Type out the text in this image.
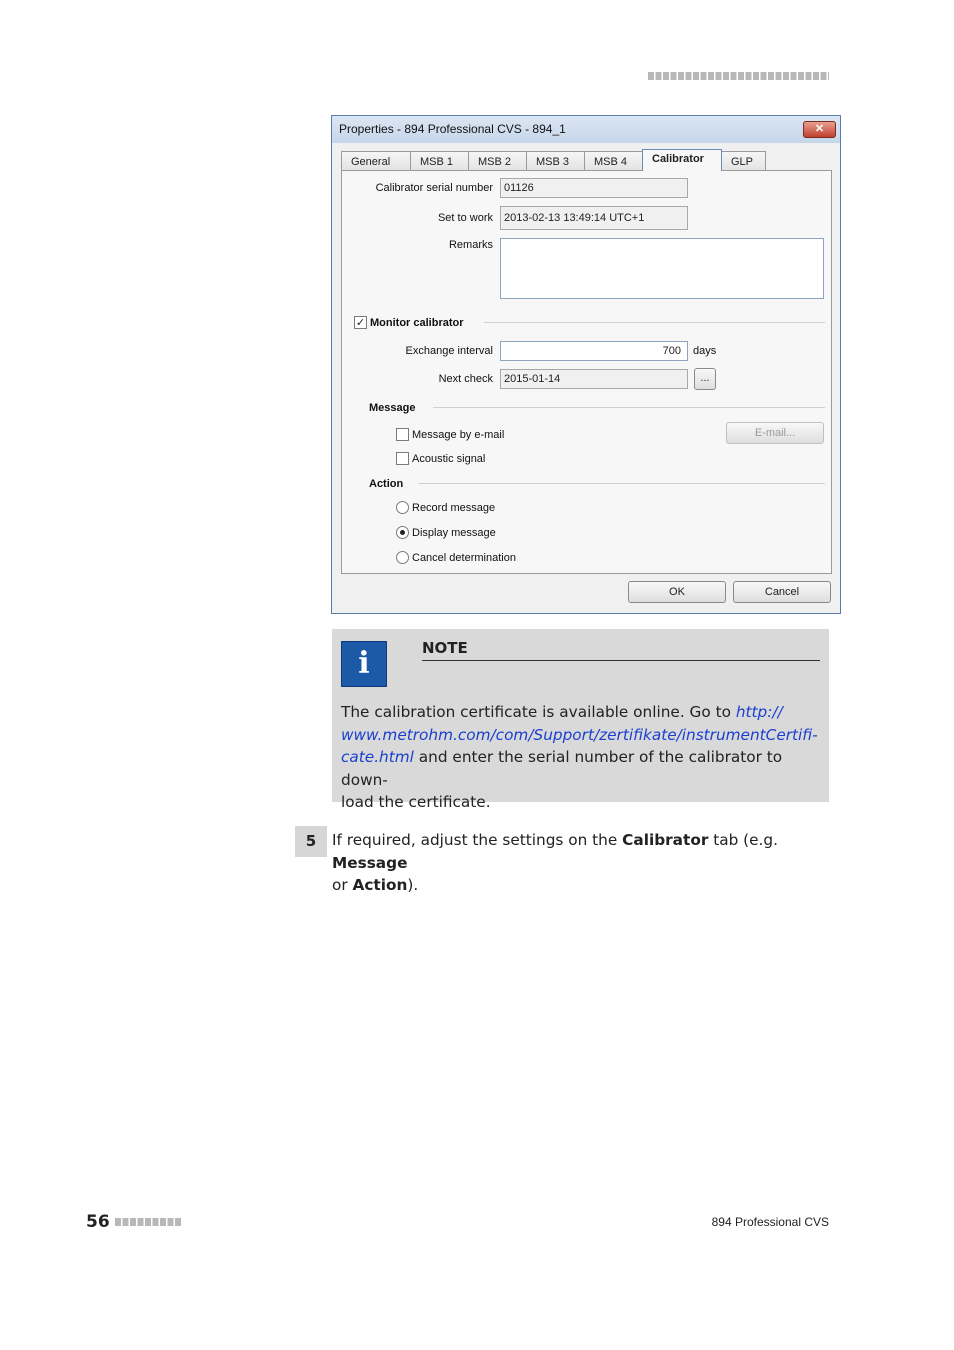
Properties - 894 Professional CVS - 894_1	✕
General	MSB 1	MSB 2	MSB 3	MSB 4	Calibrator	GLP
Calibrator serial number	01126
Set to work	2013-02-13 13:49:14 UTC+1
Remarks
✓ Monitor calibrator
Exchange interval	700	days
Next check	2015-01-14	...
Message
Message by e-mail	E-mail...
Acoustic signal
Action
Record message
Display message
Cancel determination
OK	Cancel
i	NOTE
The calibration certificate is available online. Go to http://
www.metrohm.com/com/Support/zertifikate/instrumentCertifi-
cate.html and enter the serial number of the calibrator to down-
load the certificate.
5	If required, adjust the settings on the Calibrator tab (e.g. Message
or Action).
56	894 Professional CVS
